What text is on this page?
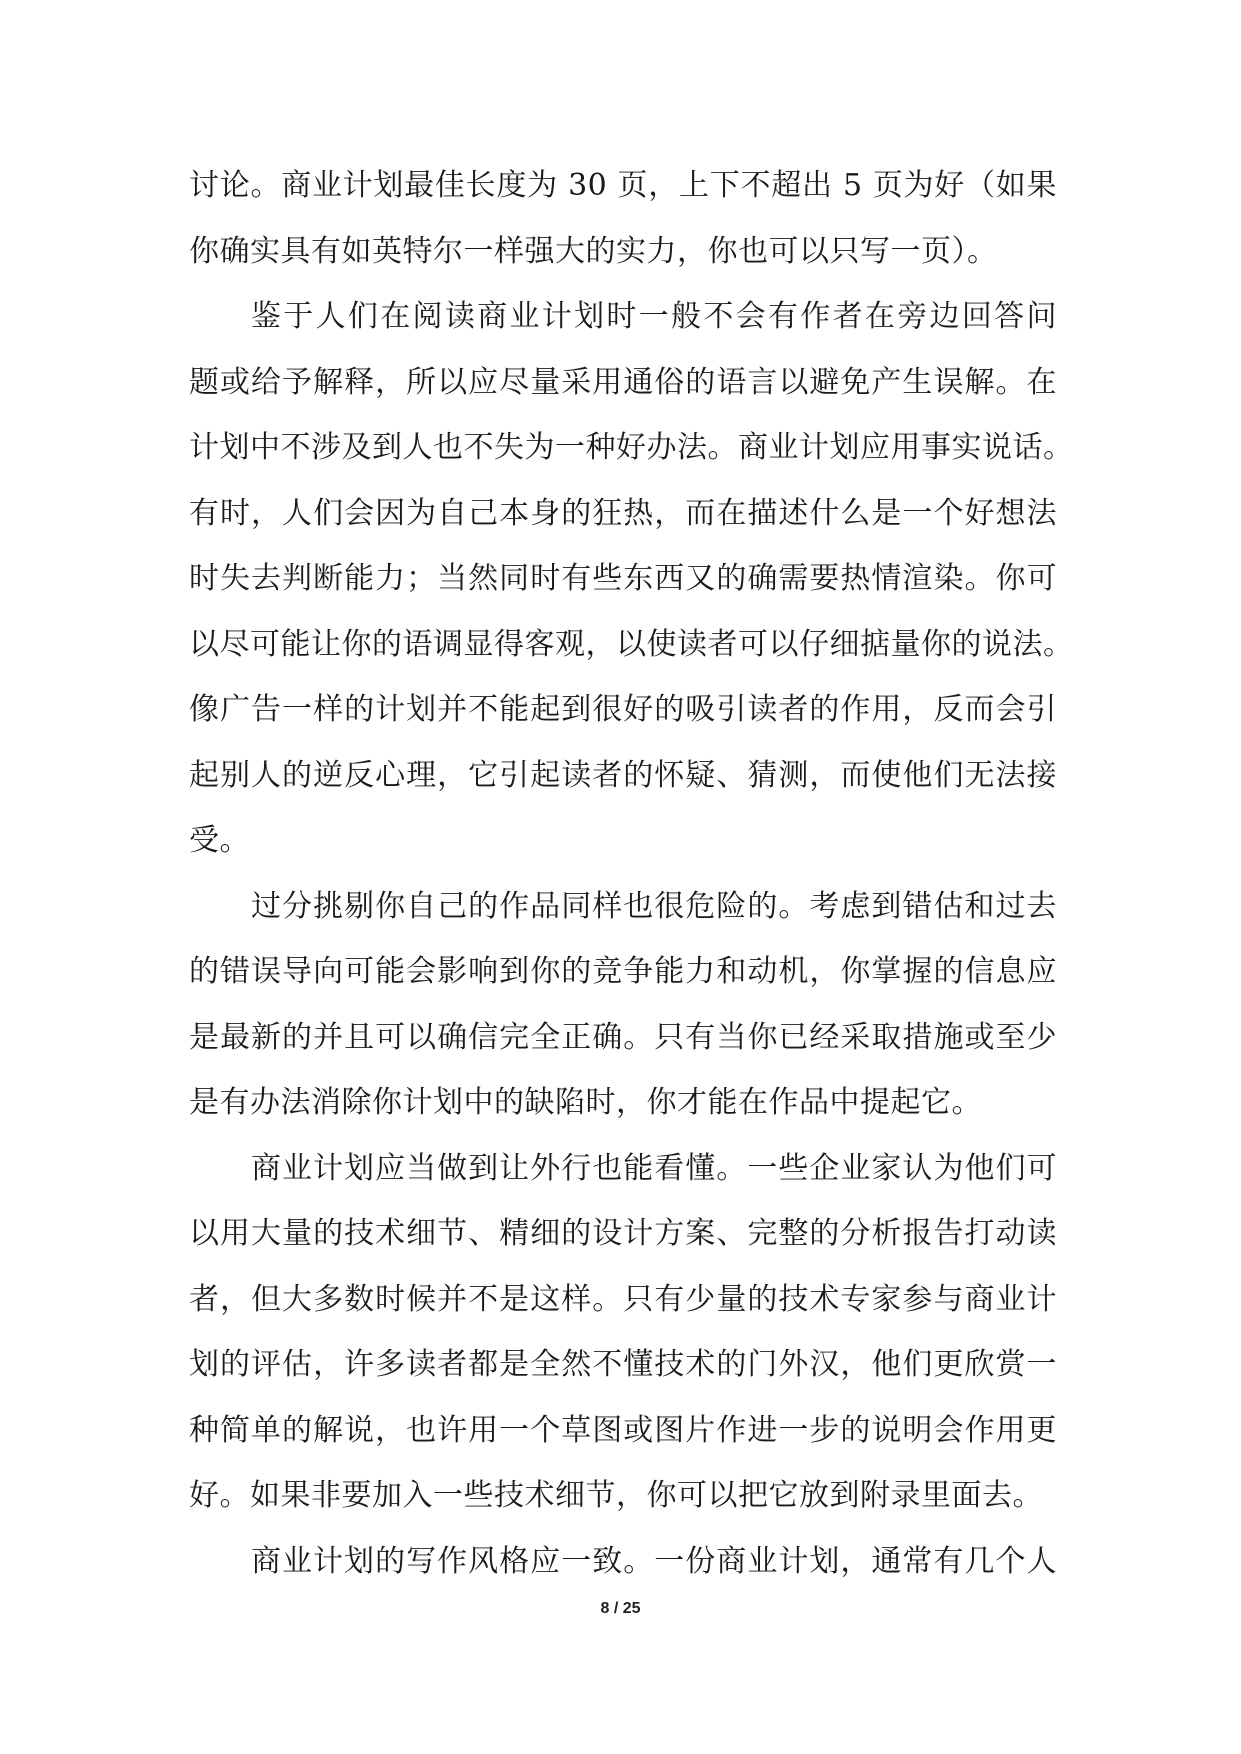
讨论。商业计划最佳长度为 30 页，上下不超出 5 页为好（如果
你确实具有如英特尔一样强大的实力，你也可以只写一页）。
鉴于人们在阅读商业计划时一般不会有作者在旁边回答问
题或给予解释，所以应尽量采用通俗的语言以避免产生误解。在
计划中不涉及到人也不失为一种好办法。商业计划应用事实说话。
有时，人们会因为自己本身的狂热，而在描述什么是一个好想法
时失去判断能力；当然同时有些东西又的确需要热情渲染。你可
以尽可能让你的语调显得客观，以使读者可以仔细掂量你的说法。
像广告一样的计划并不能起到很好的吸引读者的作用，反而会引
起别人的逆反心理，它引起读者的怀疑、猜测，而使他们无法接
受。
过分挑剔你自己的作品同样也很危险的。考虑到错估和过去
的错误导向可能会影响到你的竞争能力和动机，你掌握的信息应
是最新的并且可以确信完全正确。只有当你已经采取措施或至少
是有办法消除你计划中的缺陷时，你才能在作品中提起它。
商业计划应当做到让外行也能看懂。一些企业家认为他们可
以用大量的技术细节、精细的设计方案、完整的分析报告打动读
者，但大多数时候并不是这样。只有少量的技术专家参与商业计
划的评估，许多读者都是全然不懂技术的门外汉，他们更欣赏一
种简单的解说，也许用一个草图或图片作进一步的说明会作用更
好。如果非要加入一些技术细节，你可以把它放到附录里面去。
商业计划的写作风格应一致。一份商业计划，通常有几个人
8 / 25
